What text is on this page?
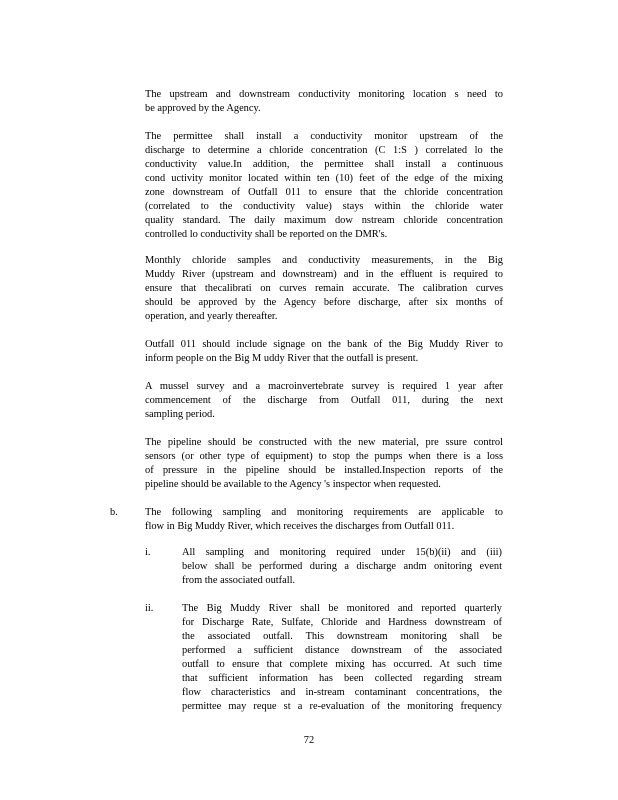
The upstream and downstream conductivity monitoring location s need to
be approved by the Agency.

The permittee shall install a conductivity monitor upstream of the
discharge to determine a chloride concentration (C 1:S ) correlated lo the
conductivity value.In addition, the permittee shall install a continuous
cond uctivity monitor located within ten (10) feet of the edge of the mixing
zone downstream of Outfall 011 to ensure that the chloride concentration
(correlated to the conductivity value) stays within the chloride water
quality standard. The daily maximum dow nstream chloride concentration
controlled lo conductivity shall be reported on the DMR's.

Monthly chloride samples and conductivity measurements, in the Big
Muddy River (upstream and downstream) and in the effluent is required to
ensure that thecalibrati on curves remain accurate. The calibration curves
should be approved by the Agency before discharge, after six months of
operation, and yearly thereafter.

Outfall 011 should include signage on the bank of the Big Muddy River to
inform people on the Big M uddy River that the outfall is present.

A mussel survey and a macroinvertebrate survey is required 1 year after
commencement of the discharge from Outfall 011, during the next
sampling period.

The pipeline should be constructed with the new material, pre ssure control
sensors (or other type of equipment) to stop the pumps when there is a loss
of pressure in the pipeline should be installed.Inspection reports of the
pipeline should be available to the Agency 's inspector when requested.

b.	The following sampling and monitoring requirements are applicable to
flow in Big Muddy River, which receives the discharges from Outfall 011.

i.	All sampling and monitoring required under 15(b)(ii) and (iii)
below shall be performed during a discharge andm onitoring event
from the associated outfall.

ii.	The Big Muddy River shall be monitored and reported quarterly
for Discharge Rate, Sulfate, Chloride and Hardness downstream of
the associated outfall. This downstream monitoring shall be
performed a sufficient distance downstream of the associated
outfall to ensure that complete mixing has occurred. At such time
that sufficient information has been collected regarding stream
flow characteristics and in-stream contaminant concentrations, the
permittee may reque st a re-evaluation of the monitoring frequency

72
